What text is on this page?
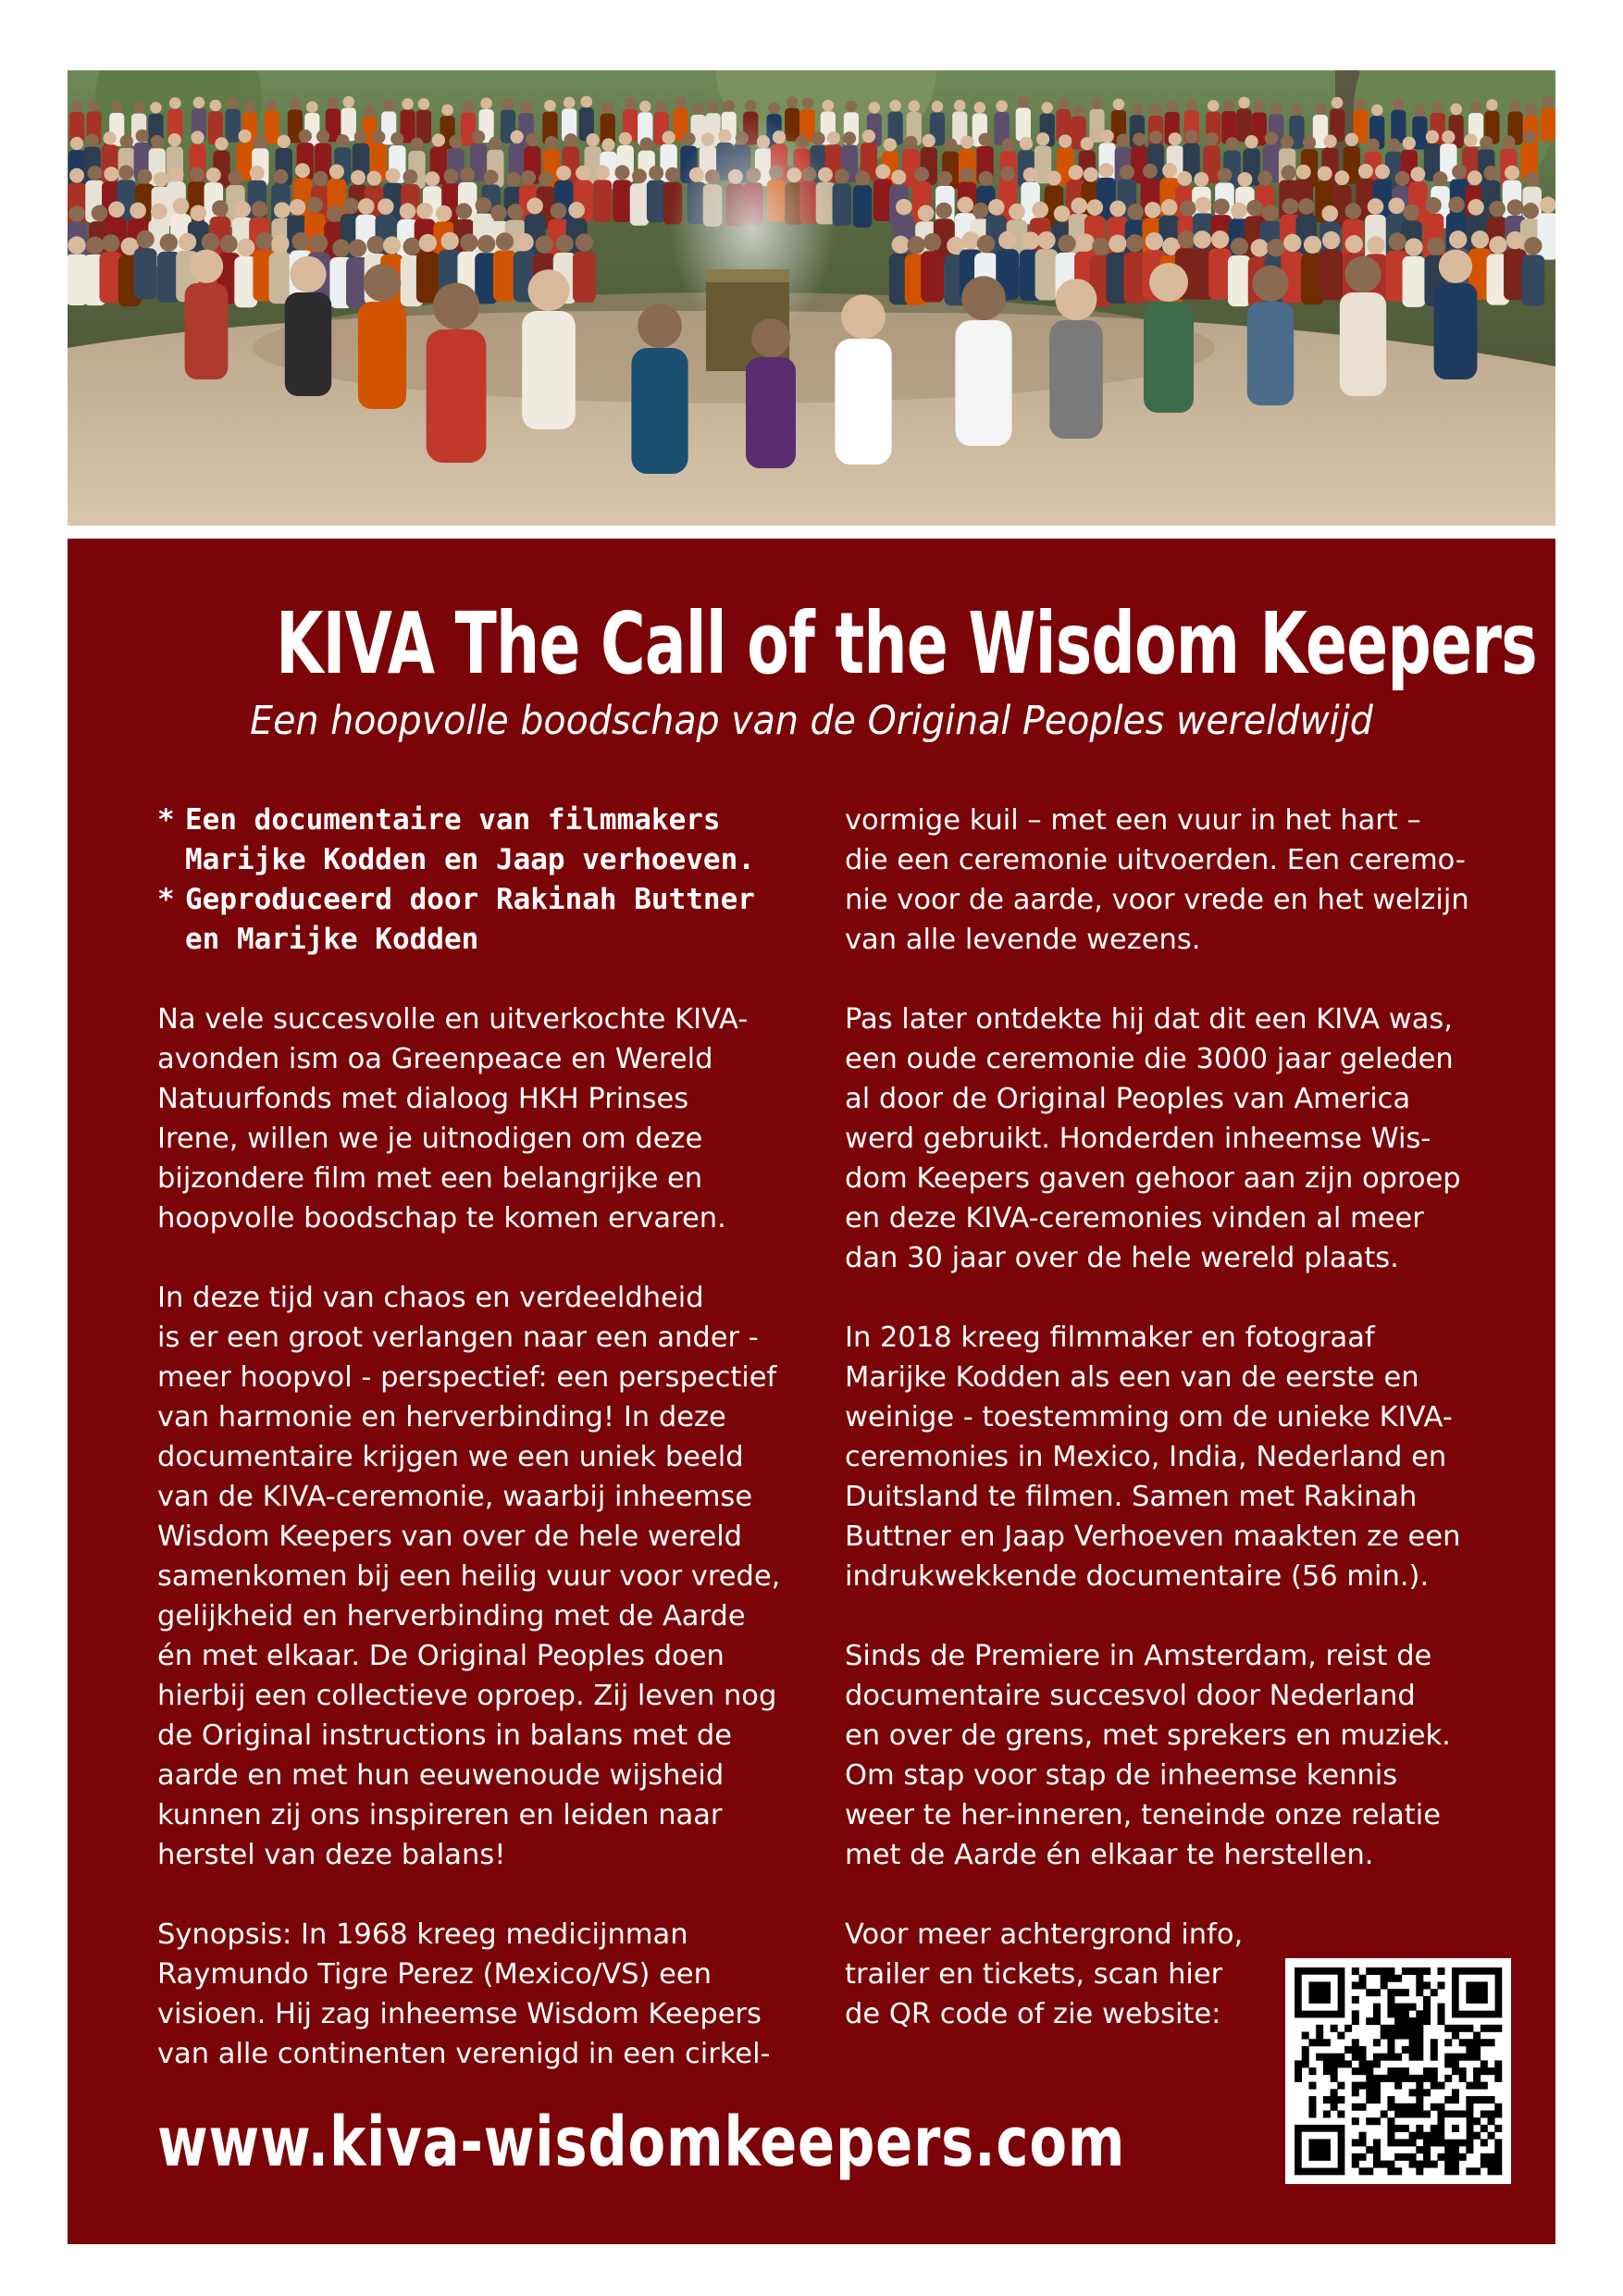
KIVA The Call of the Wisdom Keepers
Een hoopvolle boodschap van de Original Peoples wereldwijd
* Een documentaire van filmmakers
Marijke Kodden en Jaap verhoeven.
* Geproduceerd door Rakinah Buttner
en Marijke Kodden

Na vele succesvolle en uitverkochte KIVA-
avonden ism oa Greenpeace en Wereld
Natuurfonds met dialoog HKH Prinses
Irene, willen we je uitnodigen om deze
bijzondere film met een belangrijke en
hoopvolle boodschap te komen ervaren.

In deze tijd van chaos en verdeeldheid
is er een groot verlangen naar een ander -
meer hoopvol - perspectief: een perspectief
van harmonie en herverbinding! In deze
documentaire krijgen we een uniek beeld
van de KIVA-ceremonie, waarbij inheemse
Wisdom Keepers van over de hele wereld
samenkomen bij een heilig vuur voor vrede,
gelijkheid en herverbinding met de Aarde
én met elkaar. De Original Peoples doen
hierbij een collectieve oproep. Zij leven nog
de Original instructions in balans met de
aarde en met hun eeuwenoude wijsheid
kunnen zij ons inspireren en leiden naar
herstel van deze balans!

Synopsis: In 1968 kreeg medicijnman
Raymundo Tigre Perez (Mexico/VS) een
visioen. Hij zag inheemse Wisdom Keepers
van alle continenten verenigd in een cirkel-

vormige kuil – met een vuur in het hart –
die een ceremonie uitvoerden. Een ceremo-
nie voor de aarde, voor vrede en het welzijn
van alle levende wezens.

Pas later ontdekte hij dat dit een KIVA was,
een oude ceremonie die 3000 jaar geleden
al door de Original Peoples van America
werd gebruikt. Honderden inheemse Wis-
dom Keepers gaven gehoor aan zijn oproep
en deze KIVA-ceremonies vinden al meer
dan 30 jaar over de hele wereld plaats.

In 2018 kreeg filmmaker en fotograaf
Marijke Kodden als een van de eerste en
weinige - toestemming om de unieke KIVA-
ceremonies in Mexico, India, Nederland en
Duitsland te filmen. Samen met Rakinah
Buttner en Jaap Verhoeven maakten ze een
indrukwekkende documentaire (56 min.).

Sinds de Premiere in Amsterdam, reist de
documentaire succesvol door Nederland
en over de grens, met sprekers en muziek.
Om stap voor stap de inheemse kennis
weer te her-inneren, teneinde onze relatie
met de Aarde én elkaar te herstellen.

Voor meer achtergrond info,
trailer en tickets, scan hier
de QR code of zie website:

www.kiva-wisdomkeepers.com
